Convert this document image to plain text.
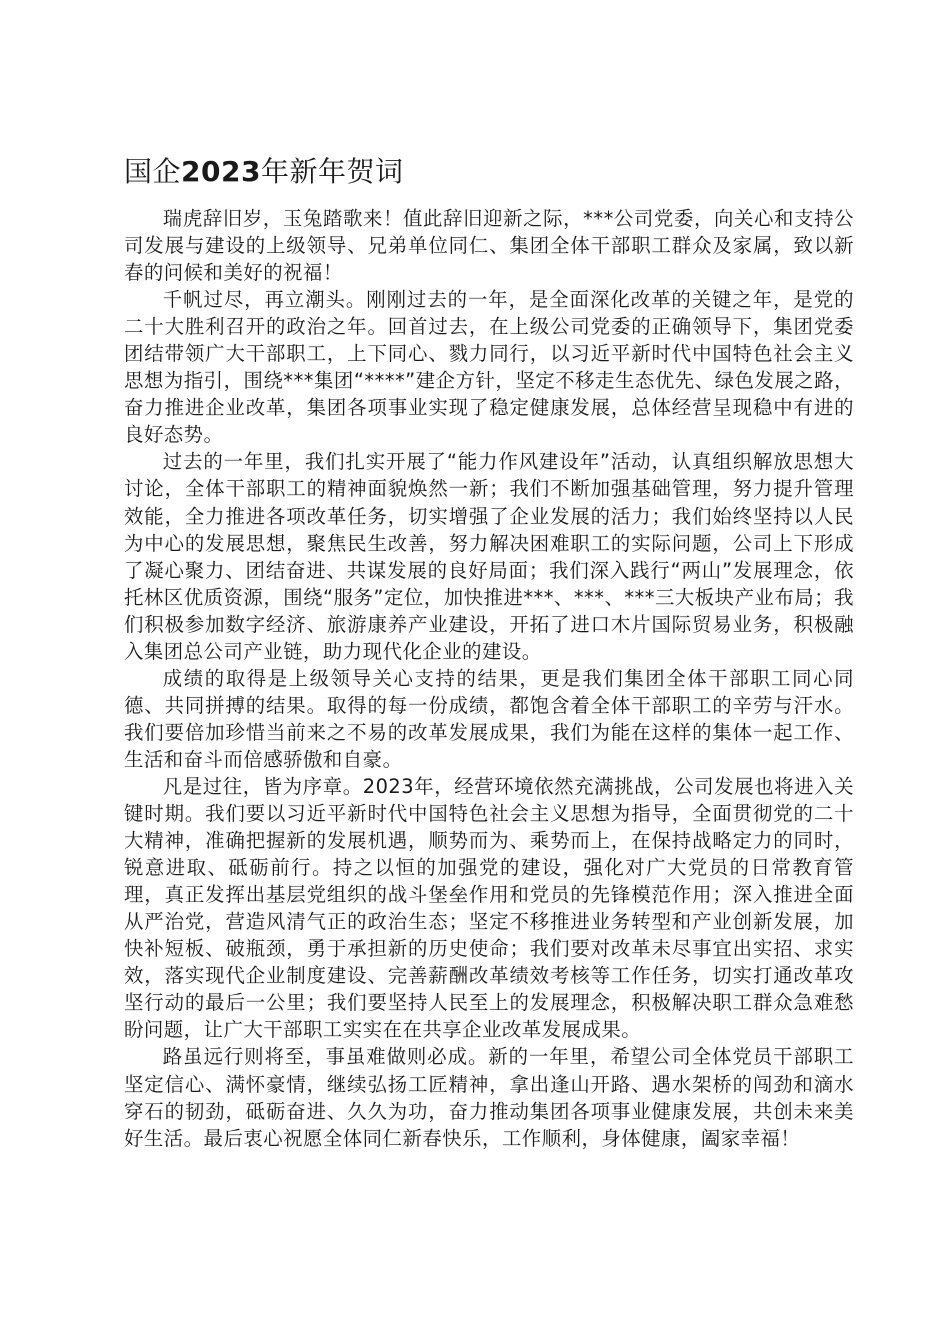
国企2023年新年贺词

瑞虎辞旧岁，玉兔踏歌来！值此辞旧迎新之际，***公司党委，向关心和支持公司发展与建设的上级领导、兄弟单位同仁、集团全体干部职工群众及家属，致以新春的问候和美好的祝福！

千帆过尽，再立潮头。刚刚过去的一年，是全面深化改革的关键之年，是党的二十大胜利召开的政治之年。回首过去，在上级公司党委的正确领导下，集团党委团结带领广大干部职工，上下同心、戮力同行，以习近平新时代中国特色社会主义思想为指引，围绕***集团“****”建企方针，坚定不移走生态优先、绿色发展之路，奋力推进企业改革，集团各项事业实现了稳定健康发展，总体经营呈现稳中有进的良好态势。

过去的一年里，我们扎实开展了“能力作风建设年”活动，认真组织解放思想大讨论，全体干部职工的精神面貌焕然一新；我们不断加强基础管理，努力提升管理效能，全力推进各项改革任务，切实增强了企业发展的活力；我们始终坚持以人民为中心的发展思想，聚焦民生改善，努力解决困难职工的实际问题，公司上下形成了凝心聚力、团结奋进、共谋发展的良好局面；我们深入践行“两山”发展理念，依托林区优质资源，围绕“服务”定位，加快推进***、***、***三大板块产业布局；我们积极参加数字经济、旅游康养产业建设，开拓了进口木片国际贸易业务，积极融入集团总公司产业链，助力现代化企业的建设。

成绩的取得是上级领导关心支持的结果，更是我们集团全体干部职工同心同德、共同拼搏的结果。取得的每一份成绩，都饱含着全体干部职工的辛劳与汗水。我们要倍加珍惜当前来之不易的改革发展成果，我们为能在这样的集体一起工作、生活和奋斗而倍感骄傲和自豪。

凡是过往，皆为序章。2023年，经营环境依然充满挑战，公司发展也将进入关键时期。我们要以习近平新时代中国特色社会主义思想为指导，全面贯彻党的二十大精神，准确把握新的发展机遇，顺势而为、乘势而上，在保持战略定力的同时，锐意进取、砥砺前行。持之以恒的加强党的建设，强化对广大党员的日常教育管理，真正发挥出基层党组织的战斗堡垒作用和党员的先锋模范作用；深入推进全面从严治党，营造风清气正的政治生态；坚定不移推进业务转型和产业创新发展，加快补短板、破瓶颈，勇于承担新的历史使命；我们要对改革未尽事宜出实招、求实效，落实现代企业制度建设、完善薪酬改革绩效考核等工作任务，切实打通改革攻坚行动的最后一公里；我们要坚持人民至上的发展理念，积极解决职工群众急难愁盼问题，让广大干部职工实实在在共享企业改革发展成果。

路虽远行则将至，事虽难做则必成。新的一年里，希望公司全体党员干部职工坚定信心、满怀豪情，继续弘扬工匠精神，拿出逢山开路、遇水架桥的闯劲和滴水穿石的韧劲，砥砺奋进、久久为功，奋力推动集团各项事业健康发展，共创未来美好生活。最后衷心祝愿全体同仁新春快乐，工作顺利，身体健康，阖家幸福！
